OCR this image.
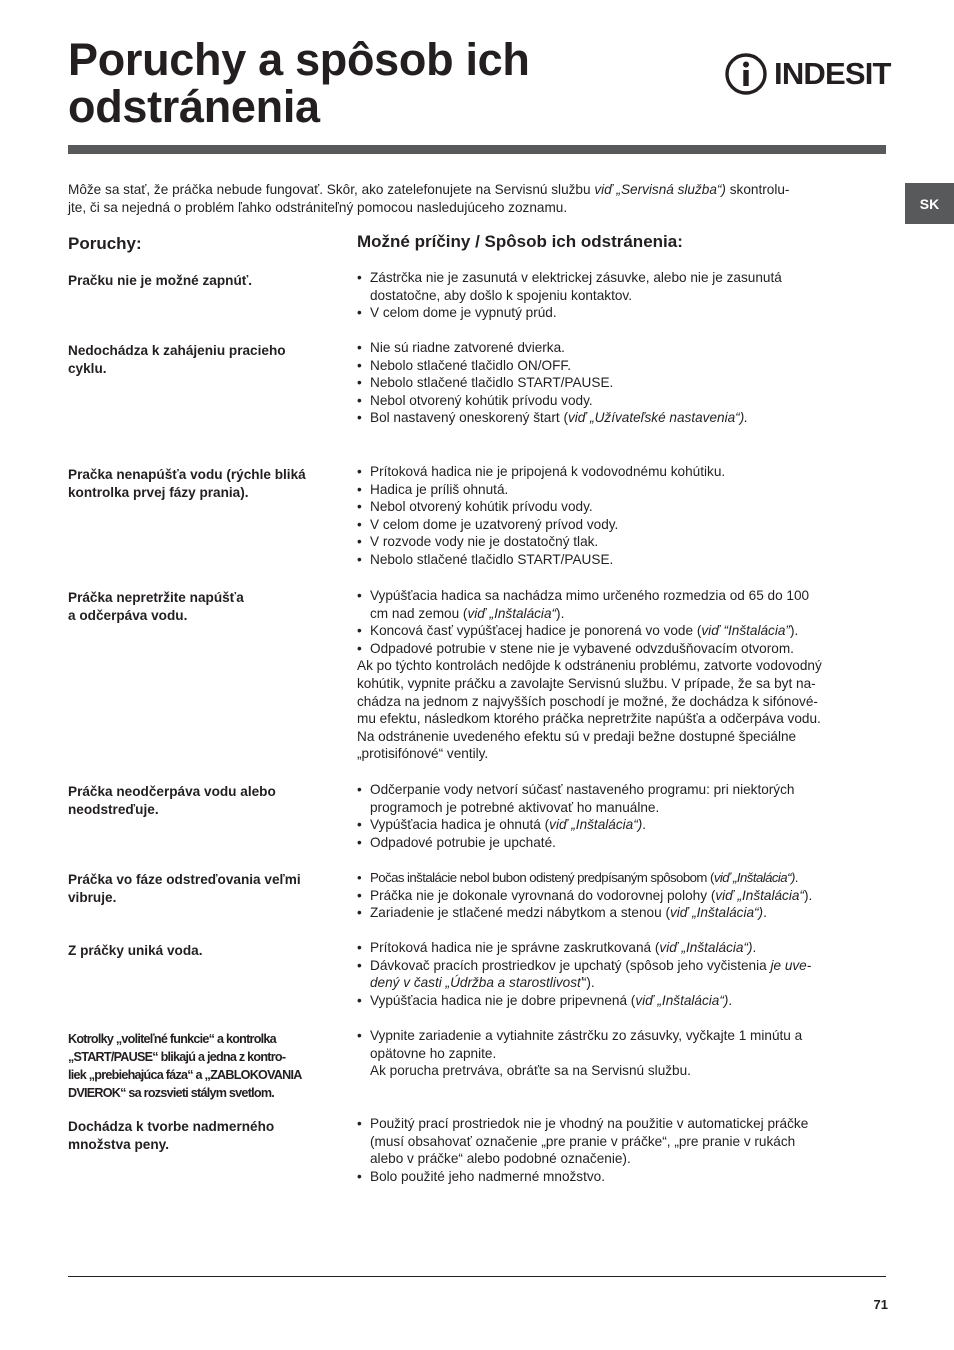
Poruchy a spôsob ich
odstránenia
INDESIT
SK
Môže sa stať, že práčka nebude fungovať. Skôr, ako zatelefonujete na Servisnú službu viď „Servisná služba“) skontrolu-
jte, či sa nejedná o problém ľahko odstrániteľný pomocou nasledujúceho zoznamu.
Poruchy:	Možné príčiny / Spôsob ich odstránenia:
Pračku nie je možné zapnúť.	• Zástrčka nie je zasunutá v elektrickej zásuvke, alebo nie je zasunutá
dostatočne, aby došlo k spojeniu kontaktov.
• V celom dome je vypnutý prúd.
Nedochádza k zahájeniu pracieho
cyklu.
• Nie sú riadne zatvorené dvierka.
• Nebolo stlačené tlačidlo ON/OFF.
• Nebolo stlačené tlačidlo START/PAUSE.
• Nebol otvorený kohútik prívodu vody.
• Bol nastavený oneskorený štart (viď „Užívateľské nastavenia“).
Pračka nenapúšťa vodu (rýchle bliká
kontrolka prvej fázy prania).
• Prítoková hadica nie je pripojená k vodovodnému kohútiku.
• Hadica je príliš ohnutá.
• Nebol otvorený kohútik prívodu vody.
• V celom dome je uzatvorený prívod vody.
• V rozvode vody nie je dostatočný tlak.
• Nebolo stlačené tlačidlo START/PAUSE.
Práčka nepretržite napúšťa
a odčerpáva vodu.
• Vypúšťacia hadica sa nachádza mimo určeného rozmedzia od 65 do 100
cm nad zemou (viď „Inštalácia“).
• Koncová časť vypúšťacej hadice je ponorená vo vode (viď “Inštalácia”).
• Odpadové potrubie v stene nie je vybavené odvzdušňovacím otvorom.

Ak po týchto kontrolách nedôjde k odstráneniu problému, zatvorte vodovodný

kohútik, vypnite práčku a zavolajte Servisnú službu. V prípade, že sa byt na-

chádza na jednom z najvyšších poschodí je možné, že dochádza k sifónové-

mu efektu, následkom ktorého práčka nepretržite napúšťa a odčerpáva vodu.

Na odstránenie uvedeného efektu sú v predaji bežne dostupné špeciálne

„protisifónové“ ventily.

Práčka neodčerpáva vodu alebo
neodstreďuje.
• Odčerpanie vody netvorí súčasť nastaveného programu: pri niektorých
programoch je potrebné aktivovať ho manuálne.
• Vypúšťacia hadica je ohnutá (viď „Inštalácia“).
• Odpadové potrubie je upchaté.
Práčka vo fáze odstreďovania veľmi
vibruje.
• Počas inštalácie nebol bubon odistený predpísaným spôsobom (viď „Inštalácia“).
• Práčka nie je dokonale vyrovnaná do vodorovnej polohy (viď „Inštalácia“).
• Zariadenie je stlačené medzi nábytkom a stenou (viď „Inštalácia“).
Z práčky uniká voda.	• Prítoková hadica nie je správne zaskrutkovaná (viď „Inštalácia“).
• Dávkovač pracích prostriedkov je upchatý (spôsob jeho vyčistenia je uve-
dený v časti „Údržba a starostlivosť“).
• Vypúšťacia hadica nie je dobre pripevnená (viď „Inštalácia“).
Kotrolky „voliteľné funkcie“ a kontrolka
„START/PAUSE“ blikajú a jedna z kontro-
liek „prebiehajúca fáza“ a „ZABLOKOVANIA
DVIEROK“ sa rozsvieti stálym svetlom.
• Vypnite zariadenie a vytiahnite zástrčku zo zásuvky, vyčkajte 1 minútu a
opätovne ho zapnite.

Ak porucha pretrváva, obráťte sa na Servisnú službu.

Dochádza k tvorbe nadmerného
množstva peny.
• Použitý prací prostriedok nie je vhodný na použitie v automatickej práčke
(musí obsahovať označenie „pre pranie v práčke“, „pre pranie v rukách
alebo v práčke“ alebo podobné označenie).
• Bolo použité jeho nadmerné množstvo.
71
